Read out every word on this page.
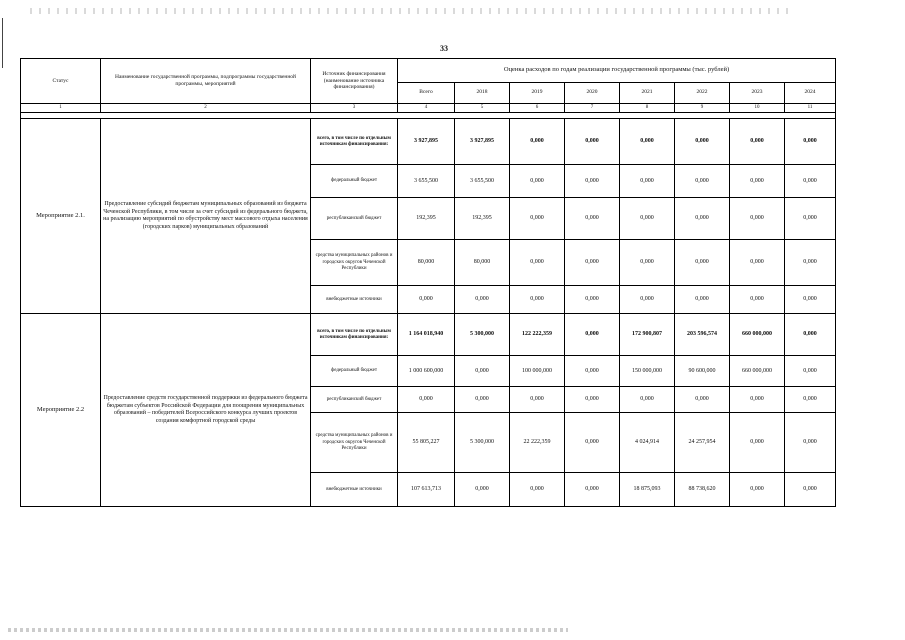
33
Статус	Наименование государственной программы, подпрограммы государственной программы, мероприятий	Источник финансирования (наименование источника финансирования)	Оценка расходов по годам реализации государственной программы (тыс. рублей)							
			Всего	2018	2019	2020	2021	2022	2023	2024
1	2	3	4	5	6	7	8	9	10	11

Мероприятие 2.1.	Предоставление субсидий бюджетам муниципальных образований из бюджета Чеченской Республики, в том числе за счет субсидий из федерального бюджета, на реализацию мероприятий по обустройству мест массового отдыха населения (городских парков) муниципальных образований	всего, в том числе по отдельным источникам финансирования:	3 927,895	3 927,895	0,000	0,000	0,000	0,000	0,000	0,000
		федеральный бюджет	3 655,500	3 655,500	0,000	0,000	0,000	0,000	0,000	0,000
		республиканский бюджет	192,395	192,395	0,000	0,000	0,000	0,000	0,000	0,000
		средства муниципальных районов и городских округов Чеченской Республики	80,000	80,000	0,000	0,000	0,000	0,000	0,000	0,000
		внебюджетные источники	0,000	0,000	0,000	0,000	0,000	0,000	0,000	0,000
Мероприятие 2.2	Предоставление средств государственной поддержки из федерального бюджета бюджетам субъектов Российской Федерации для поощрения муниципальных образований – победителей Всероссийского конкурса лучших проектов создания комфортной городской среды	всего, в том числе по отдельным источникам финансирования:	1 164 018,940	5 300,000	122 222,359	0,000	172 900,807	203 596,574	660 000,000	0,000
		федеральный бюджет	1 000 600,000	0,000	100 000,000	0,000	150 000,000	90 600,000	660 000,000	0,000
		республиканский бюджет	0,000	0,000	0,000	0,000	0,000	0,000	0,000	0,000
		средства муниципальных районов и городских округов Чеченской Республики	55 805,227	5 300,000	22 222,359	0,000	4 024,914	24 257,954	0,000	0,000
		внебюджетные источники	107 613,713	0,000	0,000	0,000	18 875,093	88 738,620	0,000	0,000
